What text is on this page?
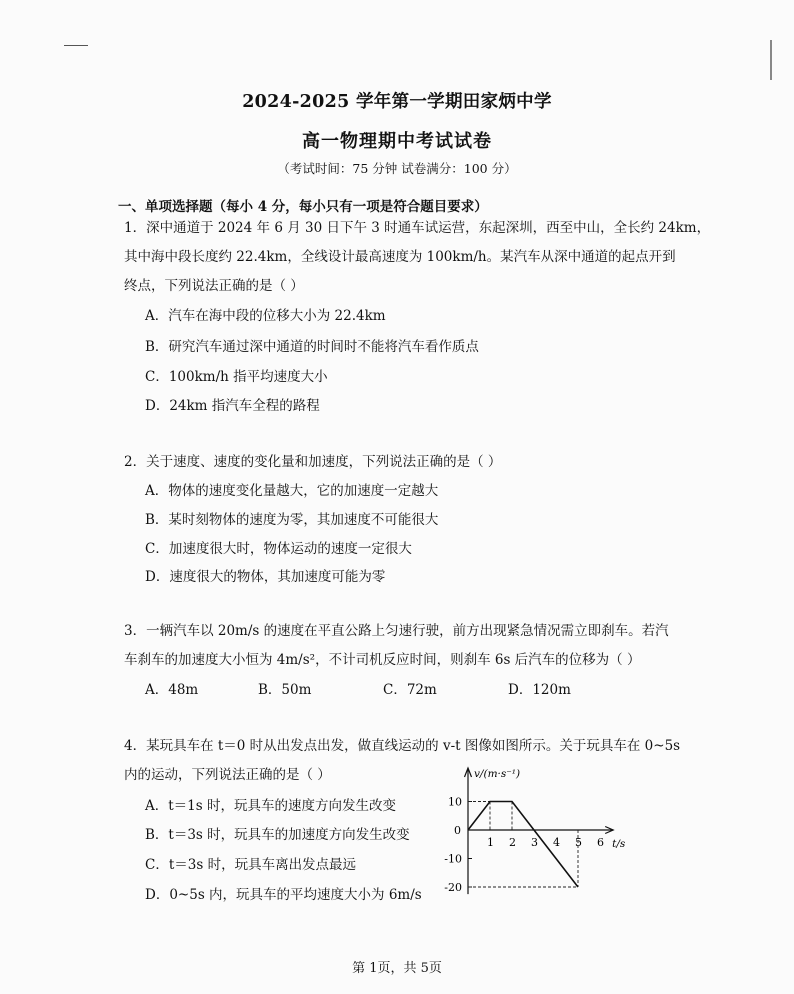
2024-2025 学年第一学期田家炳中学
高一物理期中考试试卷
（考试时间：75 分钟 试卷满分：100 分）
一、单项选择题（每小 4 分，每小只有一项是符合题目要求）
1．深中通道于 2024 年 6 月 30 日下午 3 时通车试运营，东起深圳，西至中山，全长约 24km，
其中海中段长度约 22.4km，全线设计最高速度为 100km/h。某汽车从深中通道的起点开到
终点，下列说法正确的是（ ）
A．汽车在海中段的位移大小为 22.4km
B．研究汽车通过深中通道的时间时不能将汽车看作质点
C．100km/h 指平均速度大小
D．24km 指汽车全程的路程
2．关于速度、速度的变化量和加速度，下列说法正确的是（ ）
A．物体的速度变化量越大，它的加速度一定越大
B．某时刻物体的速度为零，其加速度不可能很大
C．加速度很大时，物体运动的速度一定很大
D．速度很大的物体，其加速度可能为零
3．一辆汽车以 20m/s 的速度在平直公路上匀速行驶，前方出现紧急情况需立即刹车。若汽
车刹车的加速度大小恒为 4m/s²，不计司机反应时间，则刹车 6s 后汽车的位移为（ ）
A．48m	B．50m	C．72m	D．120m
4．某玩具车在 t＝0 时从出发点出发，做直线运动的 v-t 图像如图所示。关于玩具车在 0~5s
内的运动，下列说法正确的是（ ）
A．t＝1s 时，玩具车的速度方向发生改变
B．t＝3s 时，玩具车的加速度方向发生改变
C．t＝3s 时，玩具车离出发点最远
D．0~5s 内，玩具车的平均速度大小为 6m/s
v/(m·s⁻¹)
t/s
0
1 2 3 4 5 6
10
-10
-20
第 1页，共 5页
